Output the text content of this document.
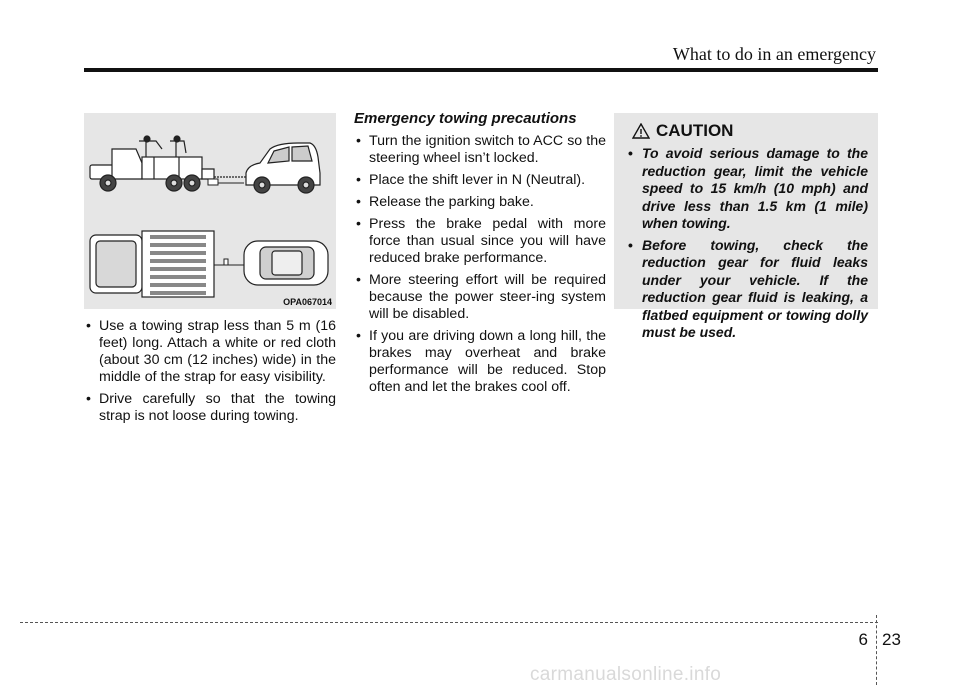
What to do in an emergency
OPA067014
• Use a towing strap less than 5 m (16 feet) long. Attach a white or red cloth (about 30 cm (12 inches) wide) in the middle of the strap for easy visibility.
• Drive carefully so that the towing strap is not loose during towing.
Emergency towing precautions
• Turn the ignition switch to ACC so the steering wheel isn’t locked.
• Place the shift lever in N (Neutral).
• Release the parking bake.
• Press the brake pedal with more force than usual since you will have reduced brake performance.
• More steering effort will be required because the power steer-ing system will be disabled.
• If you are driving down a long hill, the brakes may overheat and brake performance will be reduced. Stop often and let the brakes cool off.
CAUTION
• To avoid serious damage to the reduction gear, limit the vehicle speed to 15 km/h (10 mph) and drive less than 1.5 km (1 mile) when towing.
• Before towing, check the reduction gear for fluid leaks under your vehicle. If the reduction gear fluid is leaking, a flatbed equipment or towing dolly must be used.
6 23
carmanualsonline.info
